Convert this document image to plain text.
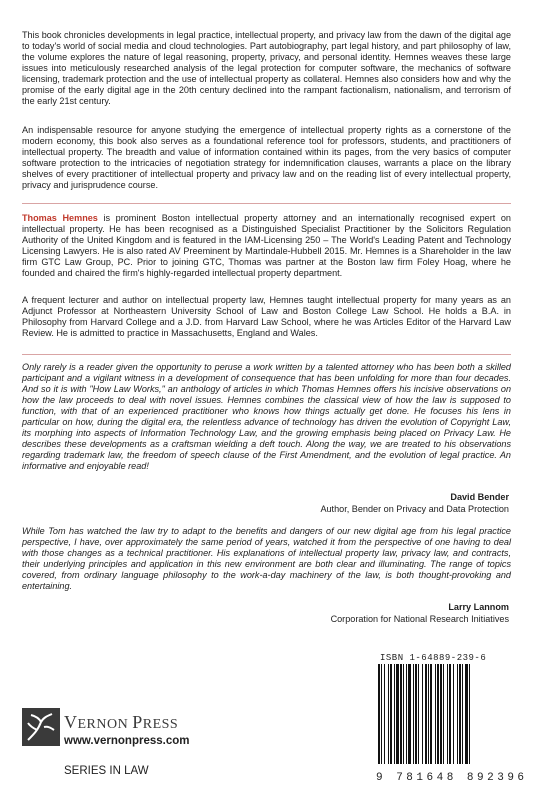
This book chronicles developments in legal practice, intellectual property, and privacy law from the dawn of the digital age to today's world of social media and cloud technologies. Part autobiography, part legal history, and part philosophy of law, the volume explores the nature of legal reasoning, property, privacy, and personal identity. Hemnes weaves these large issues into meticulously researched analysis of the legal protection for computer software, the mechanics of software licensing, trademark protection and the use of intellectual property as collateral. Hemnes also considers how and why the promise of the early digital age in the 20th century declined into the rampant factionalism, nationalism, and terrorism of the early 21st century.

An indispensable resource for anyone studying the emergence of intellectual property rights as a cornerstone of the modern economy, this book also serves as a foundational reference tool for professors, students, and practitioners of intellectual property. The breadth and value of information contained within its pages, from the very basics of computer software protection to the intricacies of negotiation strategy for indemnification clauses, warrants a place on the library shelves of every practitioner of intellectual property and privacy law and on the reading list of every intellectual property, privacy and jurisprudence course.

Thomas Hemnes is prominent Boston intellectual property attorney and an internationally recognised expert on intellectual property. He has been recognised as a Distinguished Specialist Practitioner by the Solicitors Regulation Authority of the United Kingdom and is featured in the IAM-Licensing 250 – The World's Leading Patent and Technology Licensing Lawyers. He is also rated AV Preeminent by Martindale-Hubbell 2015. Mr. Hemnes is a Shareholder in the law firm GTC Law Group, PC. Prior to joining GTC, Thomas was partner at the Boston law firm Foley Hoag, where he founded and chaired the firm's highly-regarded intellectual property department.

A frequent lecturer and author on intellectual property law, Hemnes taught intellectual property for many years as an Adjunct Professor at Northeastern University School of Law and Boston College Law School. He holds a B.A. in Philosophy from Harvard College and a J.D. from Harvard Law School, where he was Articles Editor of the Harvard Law Review. He is admitted to practice in Massachusetts, England and Wales.

Only rarely is a reader given the opportunity to peruse a work written by a talented attorney who has been both a skilled participant and a vigilant witness in a development of consequence that has been unfolding for more than four decades. And so it is with "How Law Works," an anthology of articles in which Thomas Hemnes offers his incisive observations on how the law proceeds to deal with novel issues. Hemnes combines the classical view of how the law is supposed to function, with that of an experienced practitioner who knows how things actually get done. He focuses his lens in particular on how, during the digital era, the relentless advance of technology has driven the evolution of Copyright Law, its morphing into aspects of Information Technology Law, and the growing emphasis being placed on Privacy Law. He describes these developments as a craftsman wielding a deft touch. Along the way, we are treated to his observations regarding trademark law, the freedom of speech clause of the First Amendment, and the evolution of legal practice. An informative and enjoyable read!

David Bender
Author, Bender on Privacy and Data Protection

While Tom has watched the law try to adapt to the benefits and dangers of our new digital age from his legal practice perspective, I have, over approximately the same period of years, watched it from the perspective of one having to deal with those changes as a technical practitioner. His explanations of intellectual property law, privacy law, and contracts, their underlying principles and application in this new environment are both clear and illuminating. The range of topics covered, from ordinary language philosophy to the work-a-day machinery of the law, is both thought-provoking and entertaining.

Larry Lannom
Corporation for National Research Initiatives
VERNON PRESS
www.vernonpress.com
SERIES IN LAW
ISBN 1-64889-239-6
9 781648 892396
